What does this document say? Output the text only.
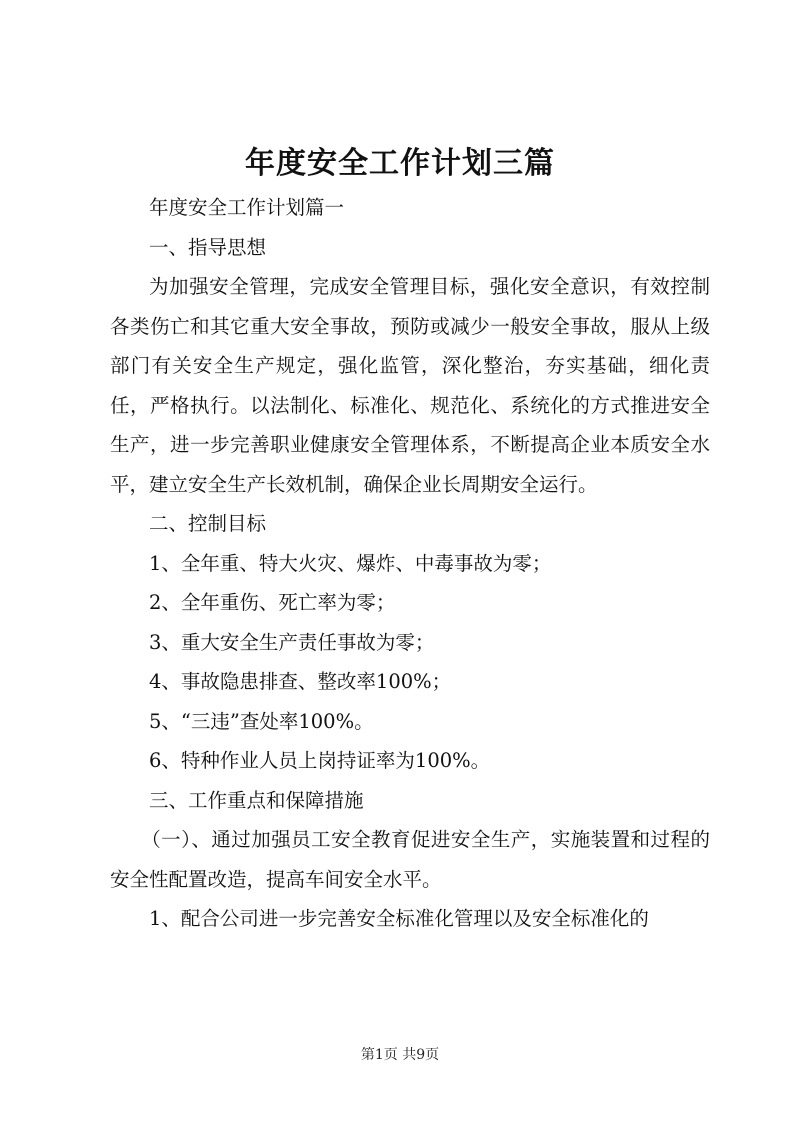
年度安全工作计划三篇

年度安全工作计划篇一

一、指导思想

为加强安全管理，完成安全管理目标，强化安全意识，有效控制各类伤亡和其它重大安全事故，预防或减少一般安全事故，服从上级部门有关安全生产规定，强化监管，深化整治，夯实基础，细化责任，严格执行。以法制化、标准化、规范化、系统化的方式推进安全生产，进一步完善职业健康安全管理体系，不断提高企业本质安全水平，建立安全生产长效机制，确保企业长周期安全运行。

二、控制目标

1、全年重、特大火灾、爆炸、中毒事故为零；

2、全年重伤、死亡率为零；

3、重大安全生产责任事故为零；

4、事故隐患排查、整改率100%；

5、“三违”查处率100%。

6、特种作业人员上岗持证率为100%。

三、工作重点和保障措施

（一）、通过加强员工安全教育促进安全生产，实施装置和过程的安全性配置改造，提高车间安全水平。

1、配合公司进一步完善安全标准化管理以及安全标准化的

第1页 共9页
